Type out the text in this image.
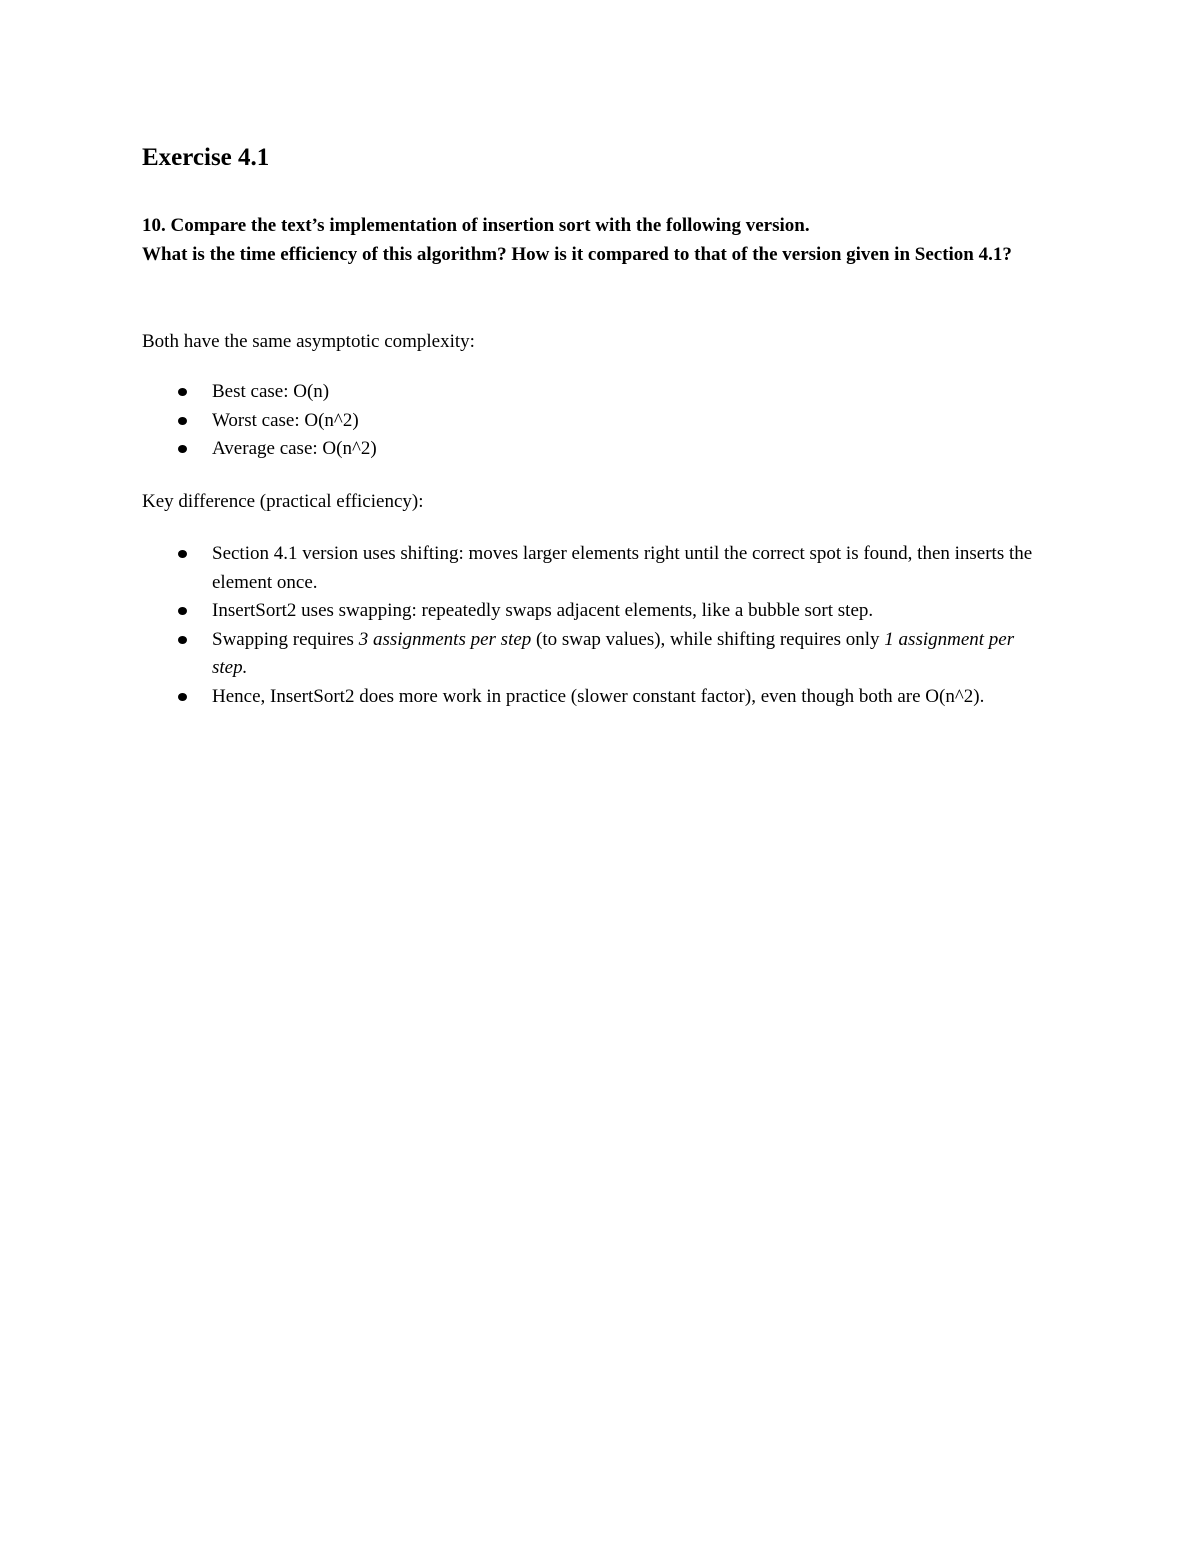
Exercise 4.1

10. Compare the text’s implementation of insertion sort with the following version.
What is the time efficiency of this algorithm? How is it compared to that of the version given in Section 4.1?

Both have the same asymptotic complexity:

Best case: O(n)
Worst case: O(n^2)
Average case: O(n^2)

Key difference (practical efficiency):

Section 4.1 version uses shifting: moves larger elements right until the correct spot is found, then inserts the element once.
InsertSort2 uses swapping: repeatedly swaps adjacent elements, like a bubble sort step.
Swapping requires 3 assignments per step (to swap values), while shifting requires only 1 assignment per step.
Hence, InsertSort2 does more work in practice (slower constant factor), even though both are O(n^2).
